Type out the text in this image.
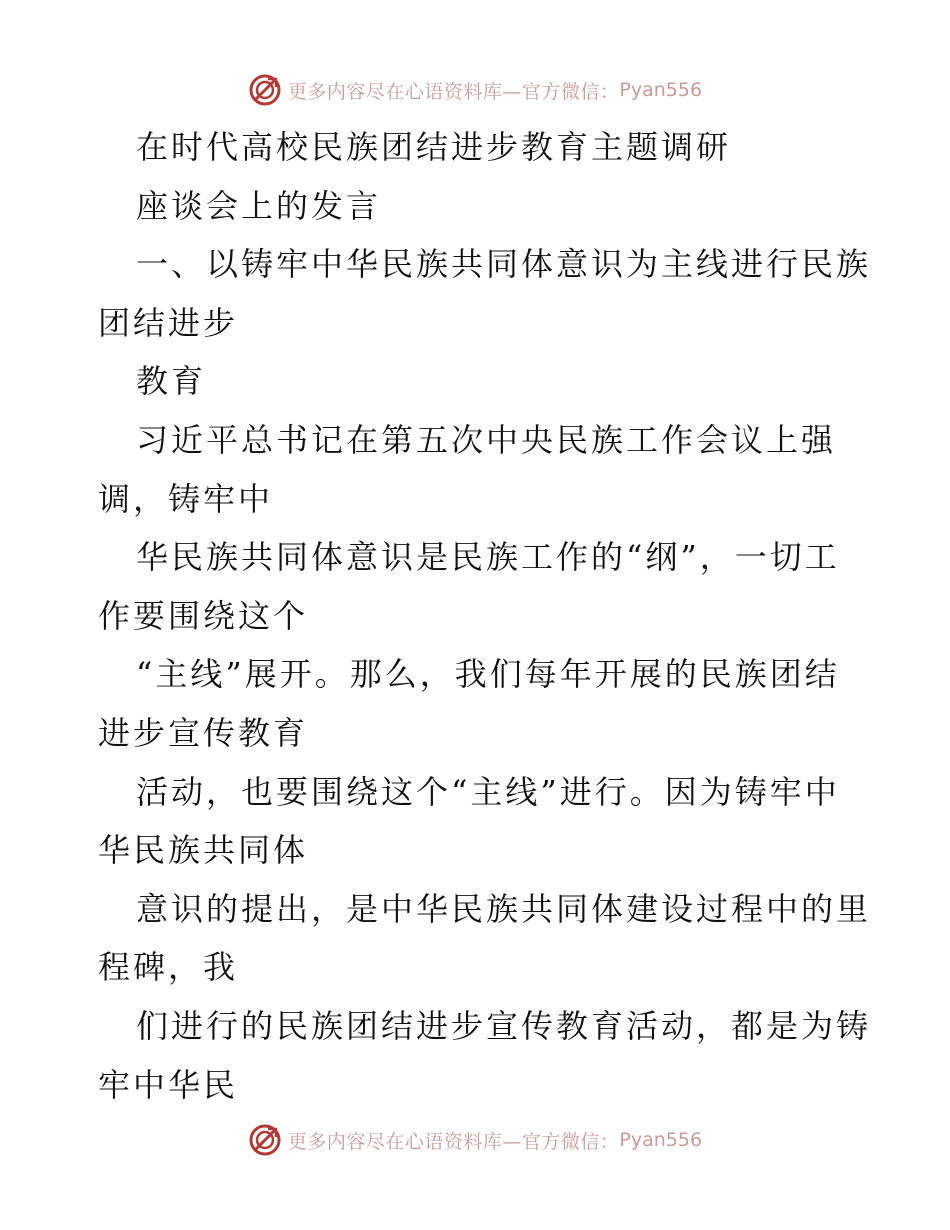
更多内容尽在心语资料库—官方微信： Pyan556
在时代高校民族团结进步教育主题调研
座谈会上的发言
一、以铸牢中华民族共同体意识为主线进行民族
团结进步
教育
习近平总书记在第五次中央民族工作会议上强
调，铸牢中
华民族共同体意识是民族工作的“纲”，一切工
作要围绕这个
“主线”展开。那么，我们每年开展的民族团结
进步宣传教育
活动，也要围绕这个“主线”进行。因为铸牢中
华民族共同体
意识的提出，是中华民族共同体建设过程中的里
程碑，我
们进行的民族团结进步宣传教育活动，都是为铸
牢中华民
更多内容尽在心语资料库—官方微信： Pyan556
